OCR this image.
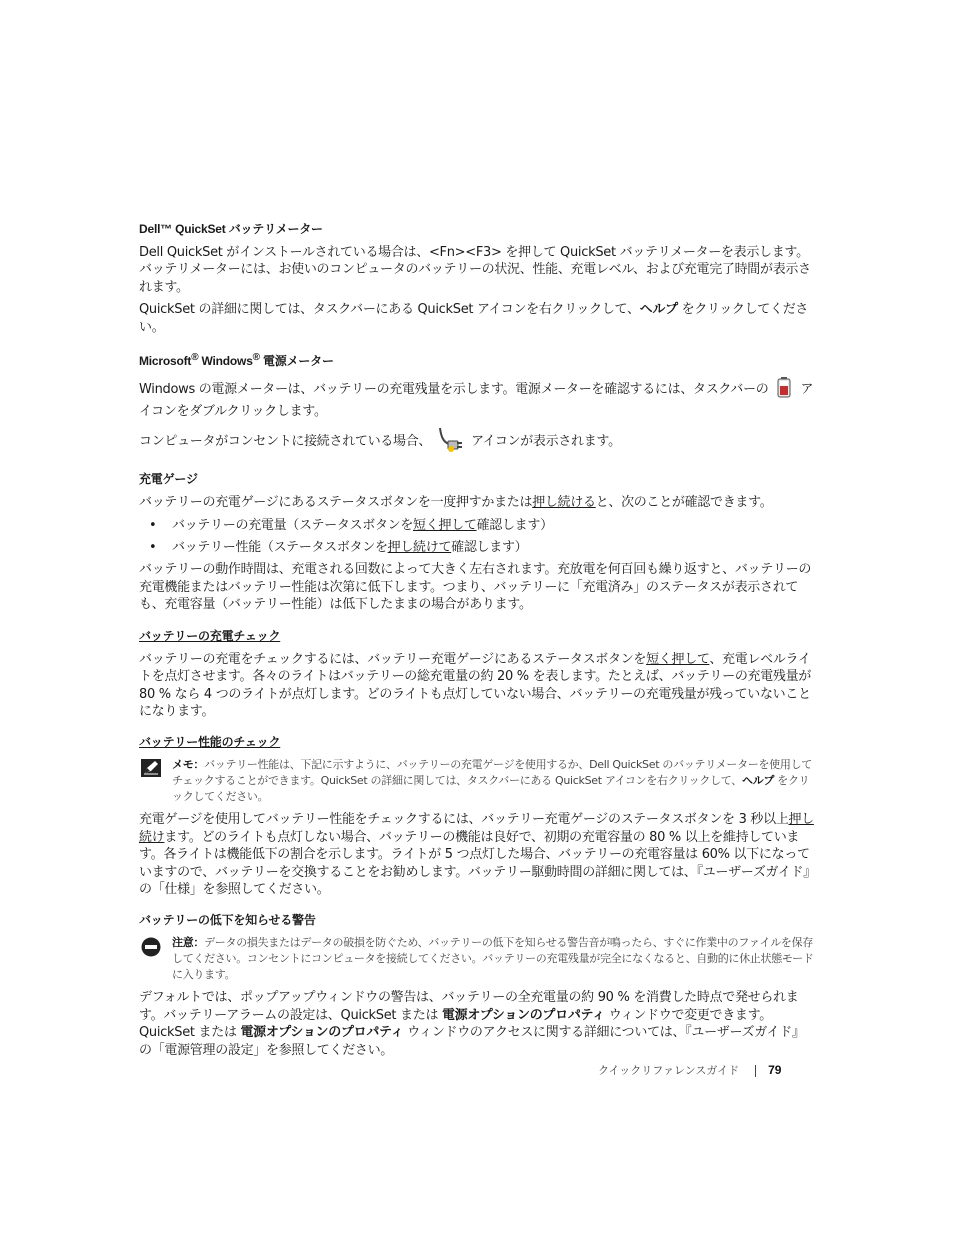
Dell™ QuickSet バッテリメーター

Dell QuickSet がインストールされている場合は、<Fn><F3> を押して QuickSet バッテリメーターを表示します。バッテリメーターには、お使いのコンピュータのバッテリーの状況、性能、充電レベル、および充電完了時間が表示されます。

QuickSet の詳細に関しては、タスクバーにある QuickSet アイコンを右クリックして、ヘルプ をクリックしてください。

Microsoft® Windows® 電源メーター

Windows の電源メーターは、バッテリーの充電残量を示します。電源メーターを確認するには、タスクバーの アイコンをダブルクリックします。

コンピュータがコンセントに接続されている場合、	アイコンが表示されます。

充電ゲージ

バッテリーの充電ゲージにあるステータスボタンを一度押すかまたは押し続けると、次のことが確認できます。

• バッテリーの充電量（ステータスボタンを短く押して確認します）
• バッテリー性能（ステータスボタンを押し続けて確認します）

バッテリーの動作時間は、充電される回数によって大きく左右されます。充放電を何百回も繰り返すと、バッテリーの充電機能またはバッテリー性能は次第に低下します。つまり、バッテリーに「充電済み」のステータスが表示されても、充電容量（バッテリー性能）は低下したままの場合があります。

バッテリーの充電チェック

バッテリーの充電をチェックするには、バッテリー充電ゲージにあるステータスボタンを短く押して、充電レベルライトを点灯させます。各々のライトはバッテリーの総充電量の約 20 % を表します。たとえば、バッテリーの充電残量が 80 % なら 4 つのライトが点灯します。どのライトも点灯していない場合、バッテリーの充電残量が残っていないことになります。

バッテリー性能のチェック
メモ：バッテリー性能は、下記に示すように、バッテリーの充電ゲージを使用するか、Dell QuickSet のバッテリメーターを使用してチェックすることができます。QuickSet の詳細に関しては、タスクバーにある QuickSet アイコンを右クリックして、ヘルプ をクリックしてください。

充電ゲージを使用してバッテリー性能をチェックするには、バッテリー充電ゲージのステータスボタンを 3 秒以上押し続けます。どのライトも点灯しない場合、バッテリーの機能は良好で、初期の充電容量の 80 % 以上を維持しています。各ライトは機能低下の割合を示します。ライトが 5 つ点灯した場合、バッテリーの充電容量は 60% 以下になっていますので、バッテリーを交換することをお勧めします。バッテリー駆動時間の詳細に関しては、『ユーザーズガイド』の「仕様」を参照してください。

バッテリーの低下を知らせる警告
注意：データの損失またはデータの破損を防ぐため、バッテリーの低下を知らせる警告音が鳴ったら、すぐに作業中のファイルを保存してください。コンセントにコンピュータを接続してください。バッテリーの充電残量が完全になくなると、自動的に休止状態モードに入ります。

デフォルトでは、ポップアップウィンドウの警告は、バッテリーの全充電量の約 90 % を消費した時点で発せられます。バッテリーアラームの設定は、QuickSet または 電源オプションのプロパティ ウィンドウで変更できます。QuickSet または 電源オプションのプロパティ ウィンドウのアクセスに関する詳細については、『ユーザーズガイド』の「電源管理の設定」を参照してください。

クイックリファレンスガイド 79
